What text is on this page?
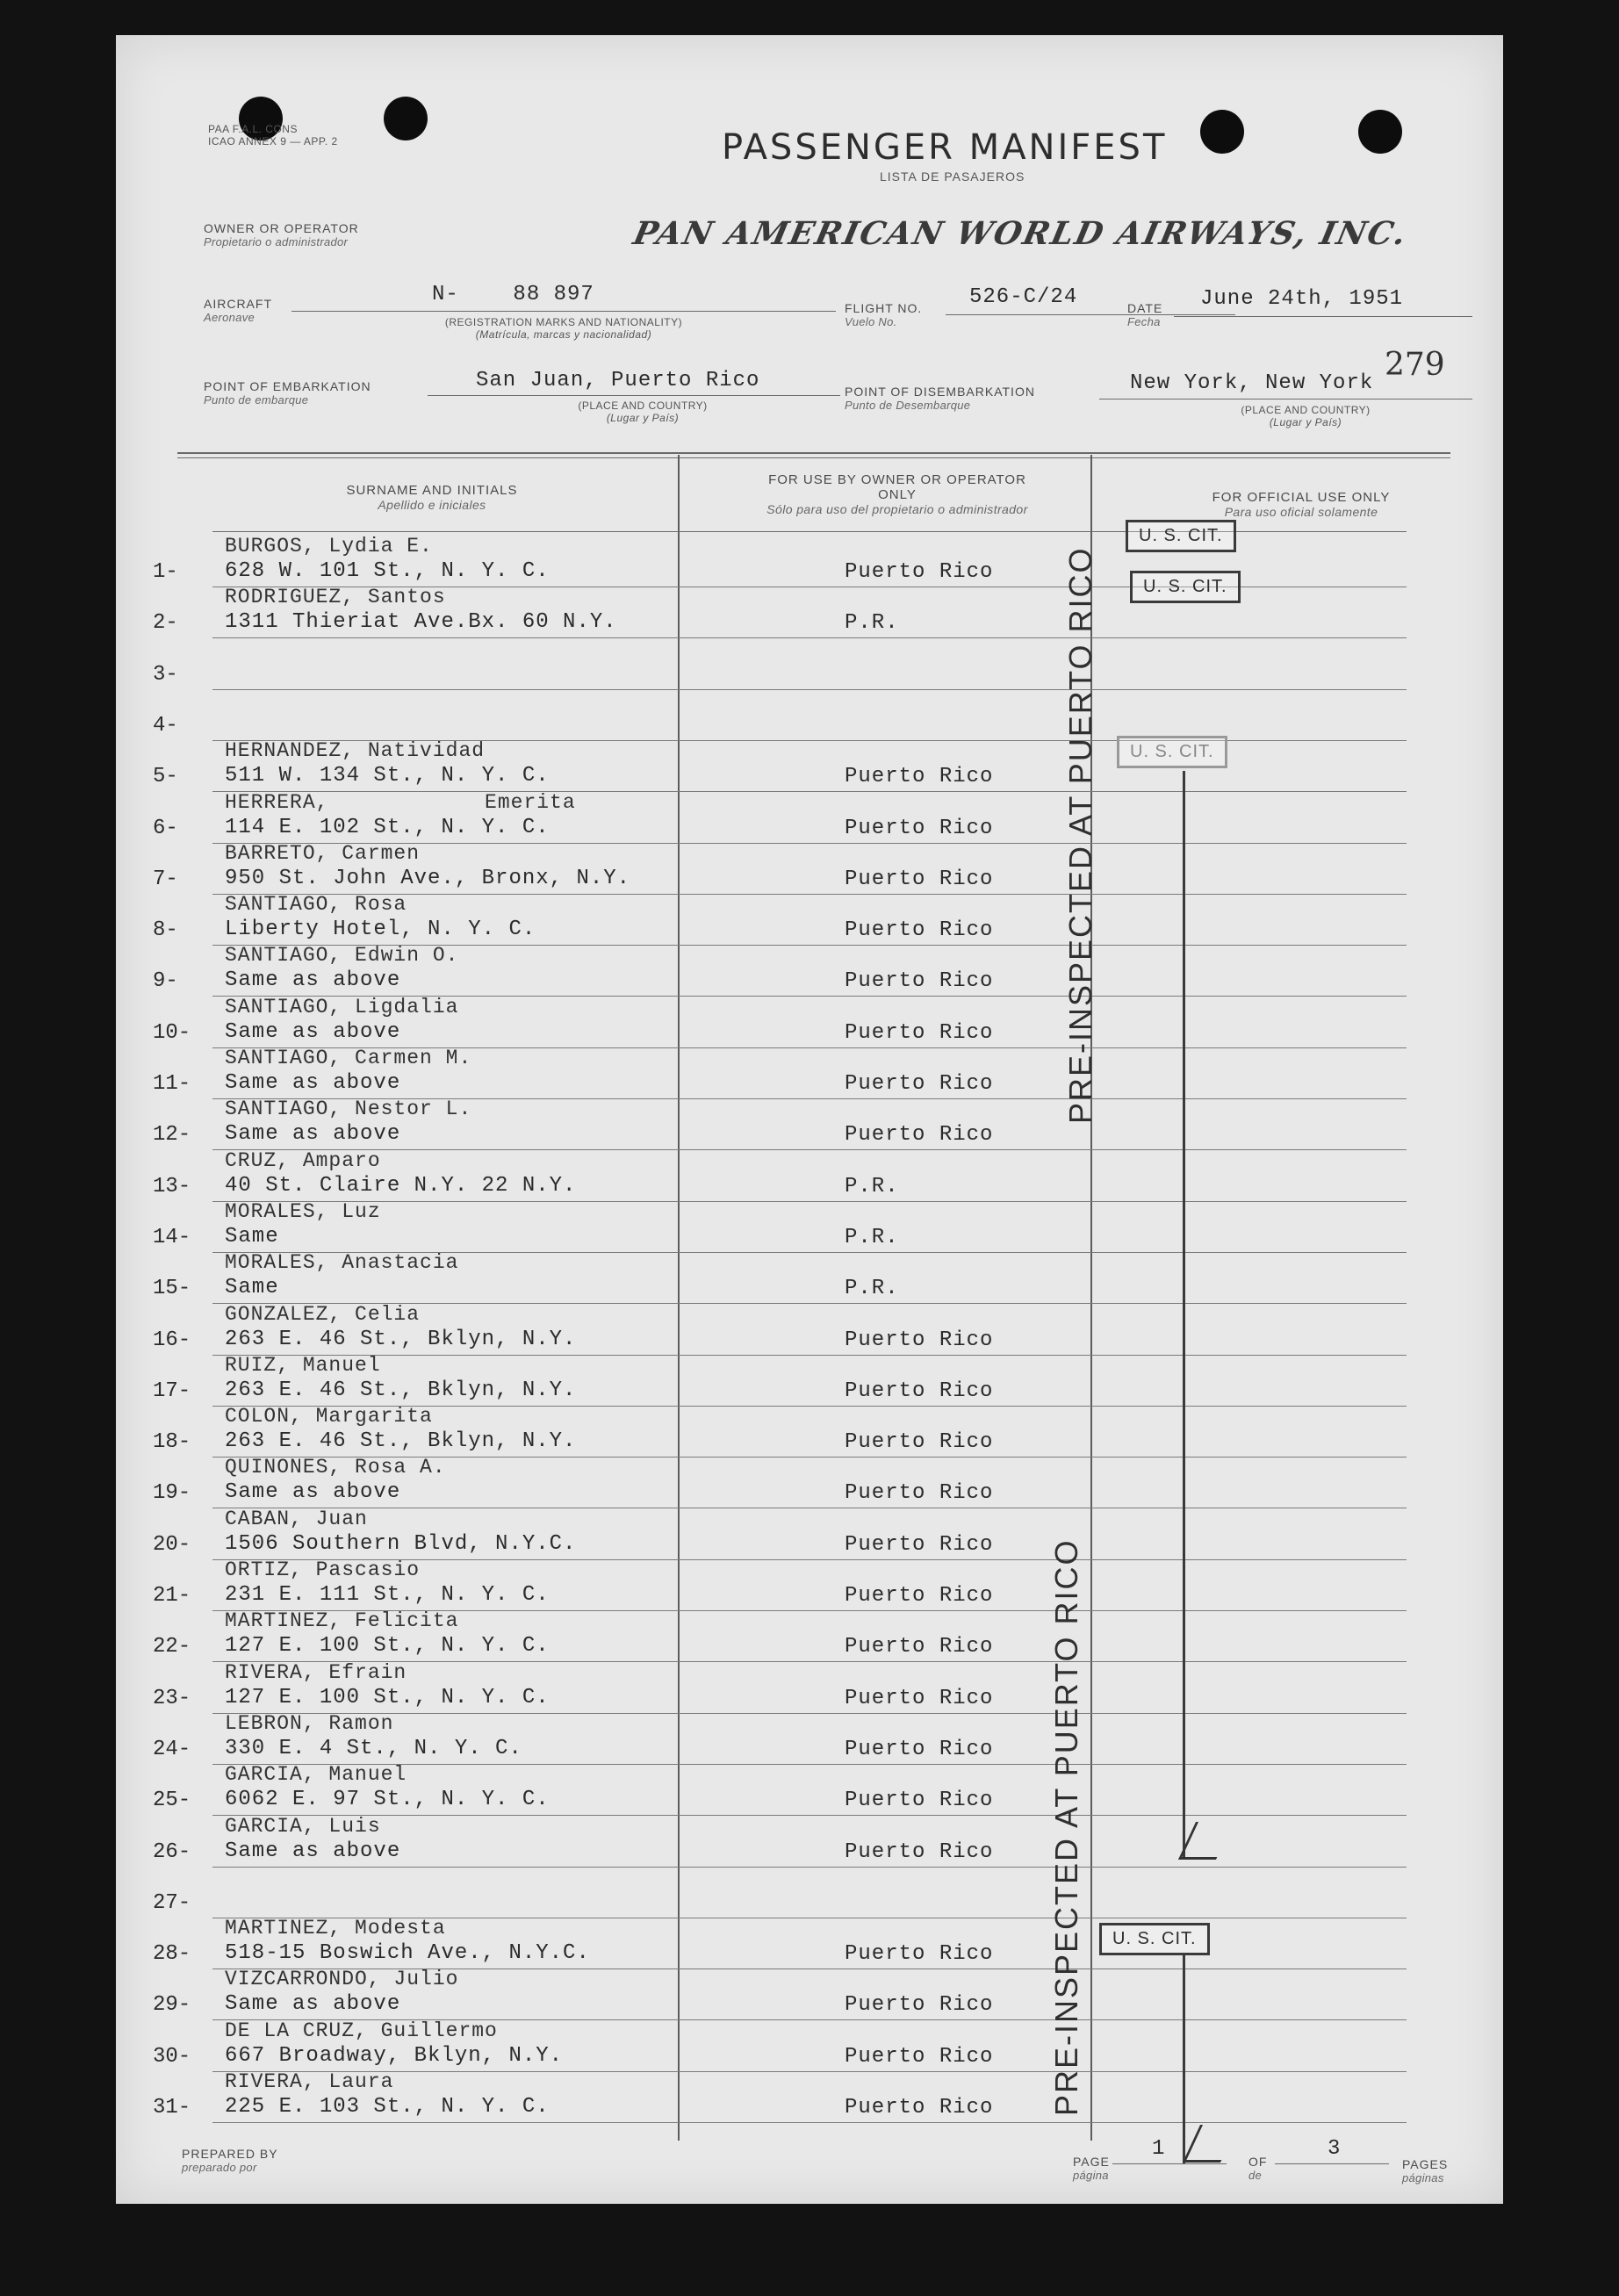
PAA F.A.L. CONS
ICAO ANNEX 9 — APP. 2	PASSENGER MANIFEST
LISTA DE PASAJEROS
OWNER OR OPERATOR
Propietario o administrador	PAN AMERICAN WORLD AIRWAYS, INC.
AIRCRAFT
Aeronave
N-    88 897
(REGISTRATION MARKS AND NATIONALITY)
(Matrícula, marcas y nacionalidad)
FLIGHT NO.
Vuelo No.
526-C/24	DATE
Fecha
June 24th, 1951
POINT OF EMBARKATION
Punto de embarque
San Juan, Puerto Rico
(PLACE AND COUNTRY)
(Lugar y País)
POINT OF DISEMBARKATION
Punto de Desembarque
New York, New York
(PLACE AND COUNTRY)
(Lugar y País)
SURNAME AND INITIALS
Apellido e iniciales
FOR USE BY OWNER OR OPERATOR ONLY
Sólo para uso del propietario o administrador
FOR OFFICIAL USE ONLY
Para uso oficial solamente
279
1-
BURGOS, Lydia E.
628 W. 101 St., N. Y. C.	Puerto Rico
2-
RODRIGUEZ, Santos
1311 Thieriat Ave.Bx. 60 N.Y.	P.R.
3-
4-
5-
HERNANDEZ, Natividad
511 W. 134 St., N. Y. C.	Puerto Rico
6-
HERRERA,            Emerita
114 E. 102 St., N. Y. C.	Puerto Rico
7-
BARRETO, Carmen
950 St. John Ave., Bronx, N.Y.	Puerto Rico
8-
SANTIAGO, Rosa
Liberty Hotel, N. Y. C.	Puerto Rico
9-
SANTIAGO, Edwin O.
Same as above	Puerto Rico
10-
SANTIAGO, Ligdalia
Same as above	Puerto Rico
11-
SANTIAGO, Carmen M.
Same as above	Puerto Rico
12-
SANTIAGO, Nestor L.
Same as above	Puerto Rico
13-
CRUZ, Amparo
40 St. Claire N.Y. 22 N.Y.	P.R.
14-
MORALES, Luz
Same	P.R.
15-
MORALES, Anastacia
Same	P.R.
16-
GONZALEZ, Celia
263 E. 46 St., Bklyn, N.Y.	Puerto Rico
17-
RUIZ, Manuel
263 E. 46 St., Bklyn, N.Y.	Puerto Rico
18-
COLON, Margarita
263 E. 46 St., Bklyn, N.Y.	Puerto Rico
19-
QUINONES, Rosa A.
Same as above	Puerto Rico
20-
CABAN, Juan
1506 Southern Blvd, N.Y.C.	Puerto Rico
21-
ORTIZ, Pascasio
231 E. 111 St., N. Y. C.	Puerto Rico
22-
MARTINEZ, Felicita
127 E. 100 St., N. Y. C.	Puerto Rico
23-
RIVERA, Efrain
127 E. 100 St., N. Y. C.	Puerto Rico
24-
LEBRON, Ramon
330 E. 4 St., N. Y. C.	Puerto Rico
25-
GARCIA, Manuel
6062 E. 97 St., N. Y. C.	Puerto Rico
26-
GARCIA, Luis
Same as above	Puerto Rico
27-
28-
MARTINEZ, Modesta
518-15 Boswich Ave., N.Y.C.	Puerto Rico
29-
VIZCARRONDO, Julio
Same as above	Puerto Rico
30-
DE LA CRUZ, Guillermo
667 Broadway, Bklyn, N.Y.	Puerto Rico
31-
RIVERA, Laura
225 E. 103 St., N. Y. C.	Puerto Rico
U. S. CIT.
U. S. CIT.
U. S. CIT.
U. S. CIT.
PRE-INSPECTED AT PUERTO RICO
PRE-INSPECTED AT PUERTO RICO
PREPARED BY
preparado por	PAGE
página
1
OF
de
3
PAGES
páginas
